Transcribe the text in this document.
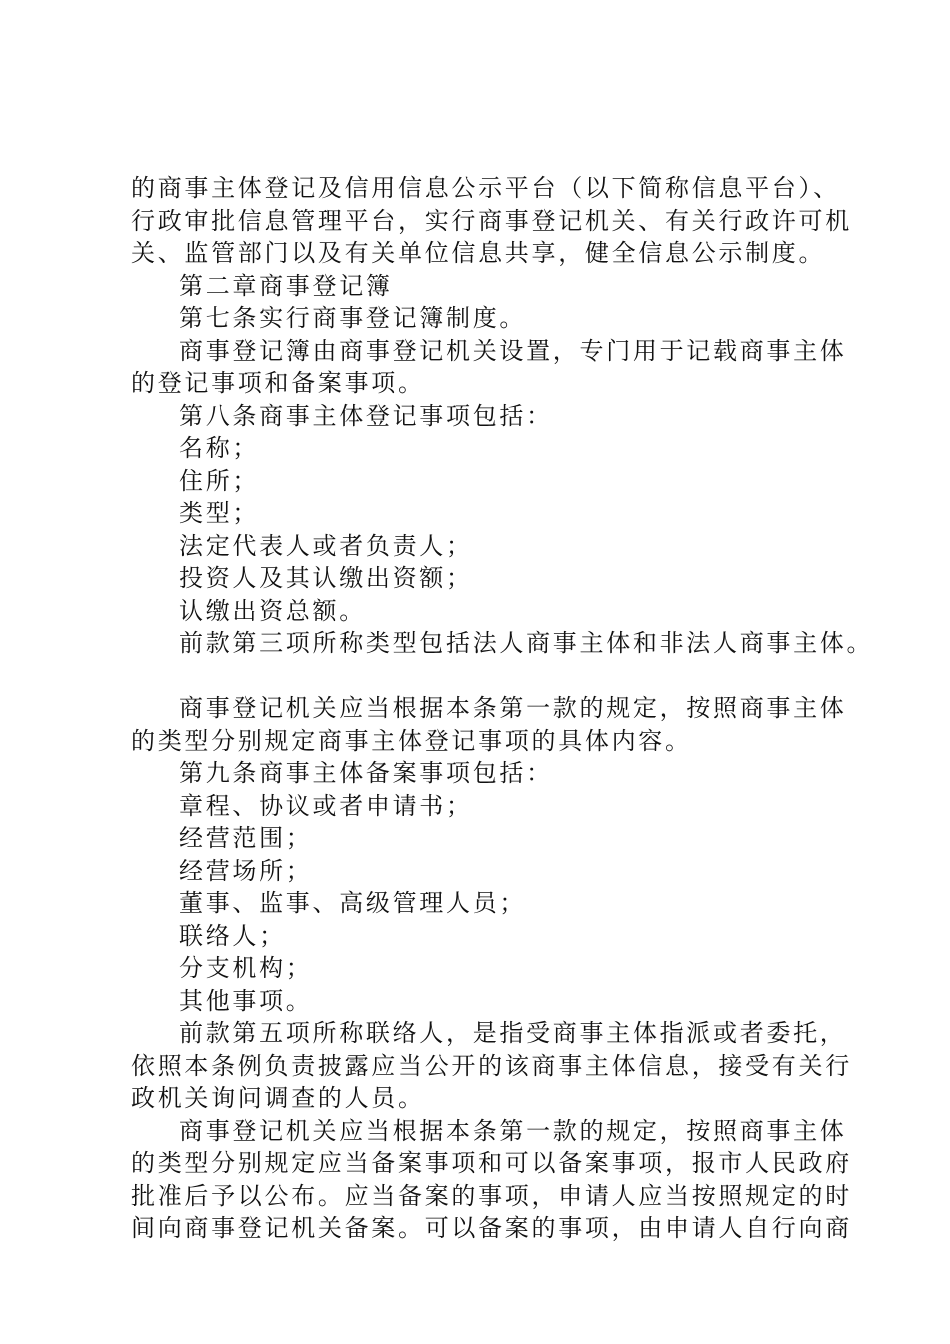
的商事主体登记及信用信息公示平台（以下简称信息平台）、
行政审批信息管理平台，实行商事登记机关、有关行政许可机
关、监管部门以及有关单位信息共享，健全信息公示制度。
第二章商事登记簿
第七条实行商事登记簿制度。
商事登记簿由商事登记机关设置，专门用于记载商事主体
的登记事项和备案事项。
第八条商事主体登记事项包括：
名称；
住所；
类型；
法定代表人或者负责人；
投资人及其认缴出资额；
认缴出资总额。
前款第三项所称类型包括法人商事主体和非法人商事主体。
商事登记机关应当根据本条第一款的规定，按照商事主体
的类型分别规定商事主体登记事项的具体内容。
第九条商事主体备案事项包括：
章程、协议或者申请书；
经营范围；
经营场所；
董事、监事、高级管理人员；
联络人；
分支机构；
其他事项。
前款第五项所称联络人，是指受商事主体指派或者委托，
依照本条例负责披露应当公开的该商事主体信息，接受有关行
政机关询问调查的人员。
商事登记机关应当根据本条第一款的规定，按照商事主体
的类型分别规定应当备案事项和可以备案事项，报市人民政府
批准后予以公布。应当备案的事项，申请人应当按照规定的时
间向商事登记机关备案。可以备案的事项，由申请人自行向商
